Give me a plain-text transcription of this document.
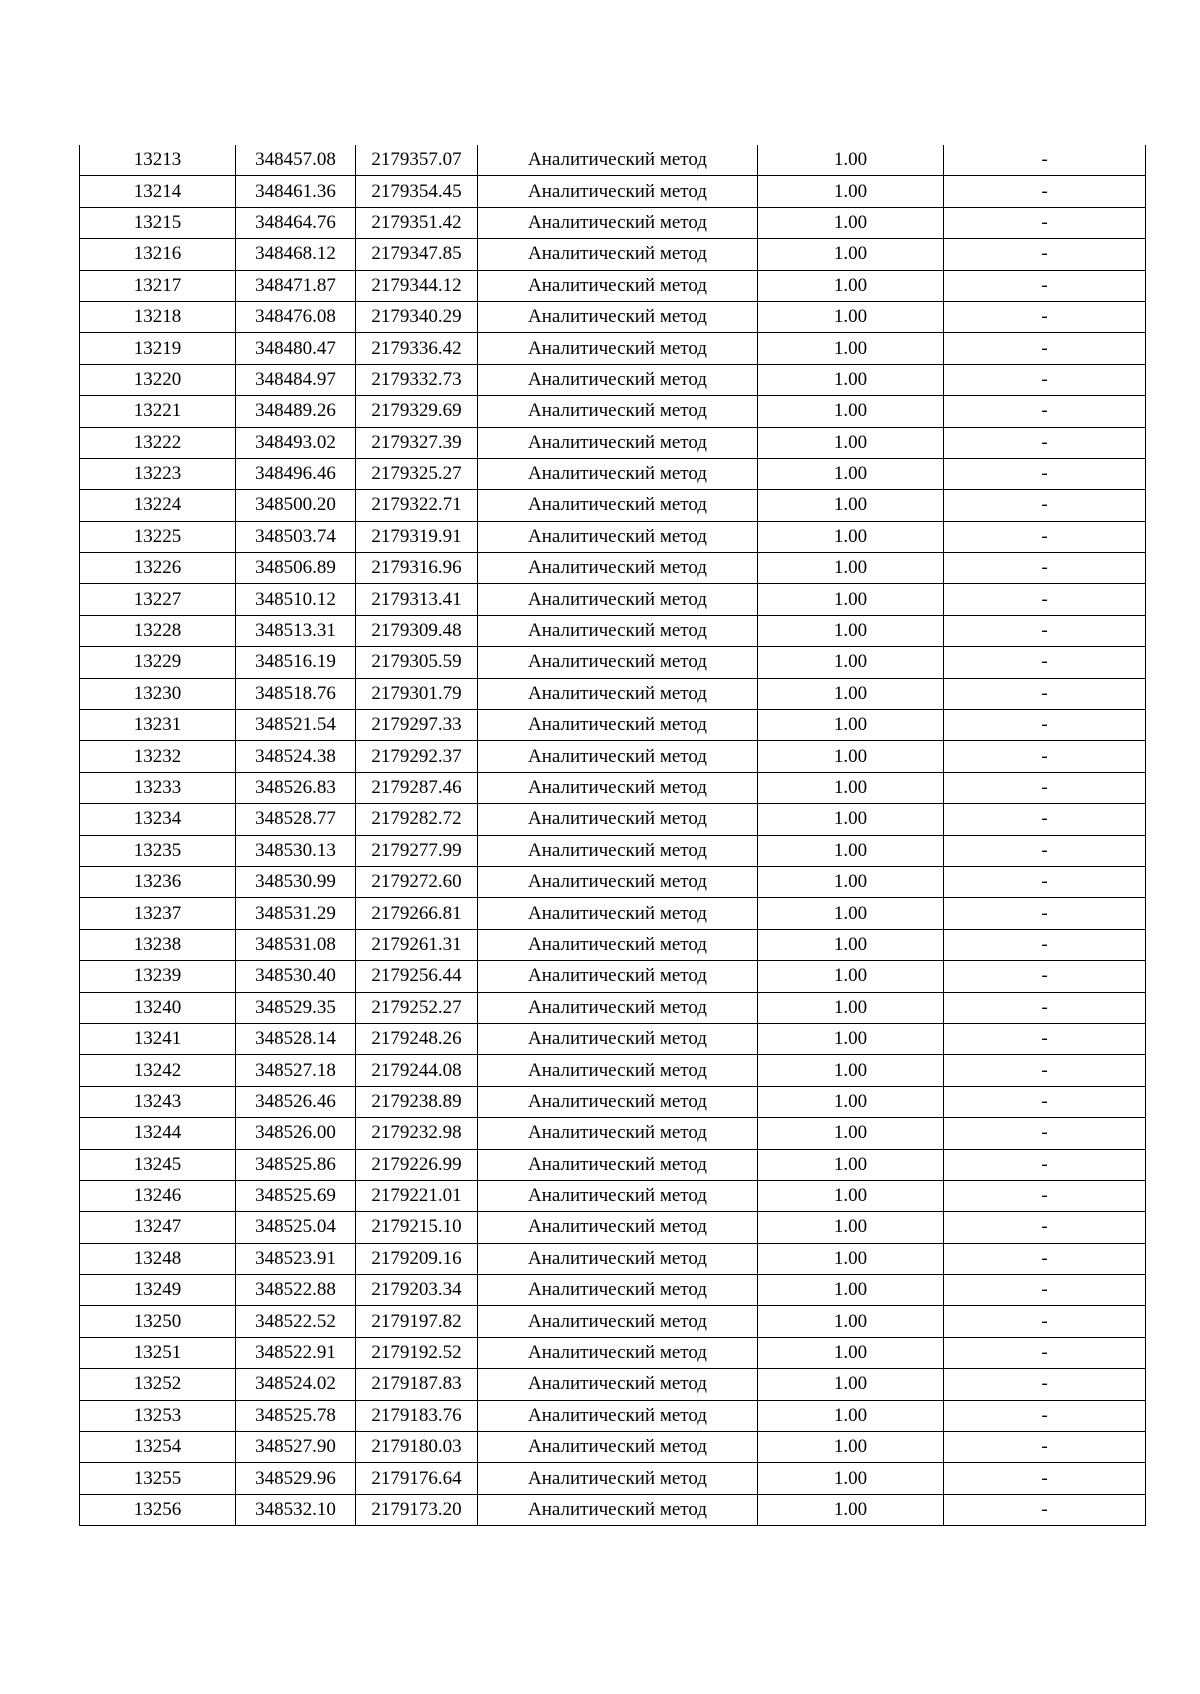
13213	348457.08	2179357.07	Аналитический метод	1.00	-
13214	348461.36	2179354.45	Аналитический метод	1.00	-
13215	348464.76	2179351.42	Аналитический метод	1.00	-
13216	348468.12	2179347.85	Аналитический метод	1.00	-
13217	348471.87	2179344.12	Аналитический метод	1.00	-
13218	348476.08	2179340.29	Аналитический метод	1.00	-
13219	348480.47	2179336.42	Аналитический метод	1.00	-
13220	348484.97	2179332.73	Аналитический метод	1.00	-
13221	348489.26	2179329.69	Аналитический метод	1.00	-
13222	348493.02	2179327.39	Аналитический метод	1.00	-
13223	348496.46	2179325.27	Аналитический метод	1.00	-
13224	348500.20	2179322.71	Аналитический метод	1.00	-
13225	348503.74	2179319.91	Аналитический метод	1.00	-
13226	348506.89	2179316.96	Аналитический метод	1.00	-
13227	348510.12	2179313.41	Аналитический метод	1.00	-
13228	348513.31	2179309.48	Аналитический метод	1.00	-
13229	348516.19	2179305.59	Аналитический метод	1.00	-
13230	348518.76	2179301.79	Аналитический метод	1.00	-
13231	348521.54	2179297.33	Аналитический метод	1.00	-
13232	348524.38	2179292.37	Аналитический метод	1.00	-
13233	348526.83	2179287.46	Аналитический метод	1.00	-
13234	348528.77	2179282.72	Аналитический метод	1.00	-
13235	348530.13	2179277.99	Аналитический метод	1.00	-
13236	348530.99	2179272.60	Аналитический метод	1.00	-
13237	348531.29	2179266.81	Аналитический метод	1.00	-
13238	348531.08	2179261.31	Аналитический метод	1.00	-
13239	348530.40	2179256.44	Аналитический метод	1.00	-
13240	348529.35	2179252.27	Аналитический метод	1.00	-
13241	348528.14	2179248.26	Аналитический метод	1.00	-
13242	348527.18	2179244.08	Аналитический метод	1.00	-
13243	348526.46	2179238.89	Аналитический метод	1.00	-
13244	348526.00	2179232.98	Аналитический метод	1.00	-
13245	348525.86	2179226.99	Аналитический метод	1.00	-
13246	348525.69	2179221.01	Аналитический метод	1.00	-
13247	348525.04	2179215.10	Аналитический метод	1.00	-
13248	348523.91	2179209.16	Аналитический метод	1.00	-
13249	348522.88	2179203.34	Аналитический метод	1.00	-
13250	348522.52	2179197.82	Аналитический метод	1.00	-
13251	348522.91	2179192.52	Аналитический метод	1.00	-
13252	348524.02	2179187.83	Аналитический метод	1.00	-
13253	348525.78	2179183.76	Аналитический метод	1.00	-
13254	348527.90	2179180.03	Аналитический метод	1.00	-
13255	348529.96	2179176.64	Аналитический метод	1.00	-
13256	348532.10	2179173.20	Аналитический метод	1.00	-
